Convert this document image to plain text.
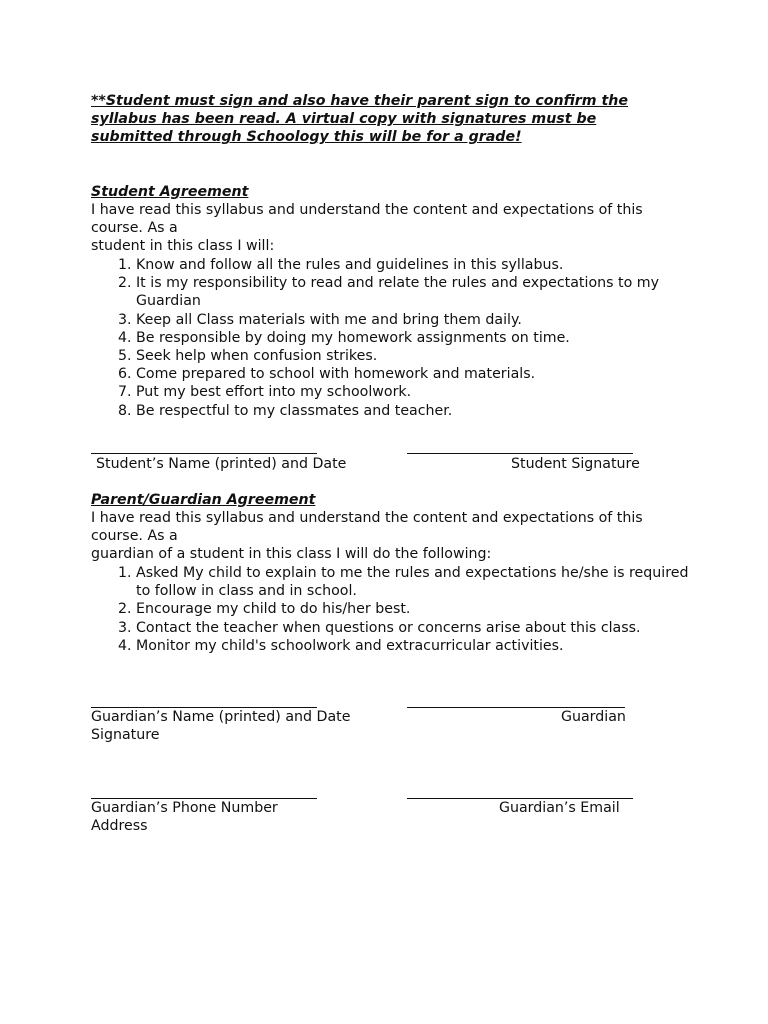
**Student must sign and also have their parent sign to confirm the
syllabus has been read. A virtual copy with signatures must be
submitted through Schoology this will be for a grade!
Student Agreement
I have read this syllabus and understand the content and expectations of this
course. As a
student in this class I will:
1. Know and follow all the rules and guidelines in this syllabus.
2. It is my responsibility to read and relate the rules and expectations to my Guardian
3. Keep all Class materials with me and bring them daily.
4. Be responsible by doing my homework assignments on time.
5. Seek help when confusion strikes.
6. Come prepared to school with homework and materials.
7. Put my best effort into my schoolwork.
8. Be respectful to my classmates and teacher.
Student’s Name (printed) and Date	Student Signature
Parent/Guardian Agreement
I have read this syllabus and understand the content and expectations of this
course. As a
guardian of a student in this class I will do the following:
1. Asked My child to explain to me the rules and expectations he/she is required to follow in class and in school.
2. Encourage my child to do his/her best.
3. Contact the teacher when questions or concerns arise about this class.
4. Monitor my child's schoolwork and extracurricular activities.
Guardian’s Name (printed) and Date	Guardian
Signature
Guardian’s Phone Number	Guardian’s Email
Address
